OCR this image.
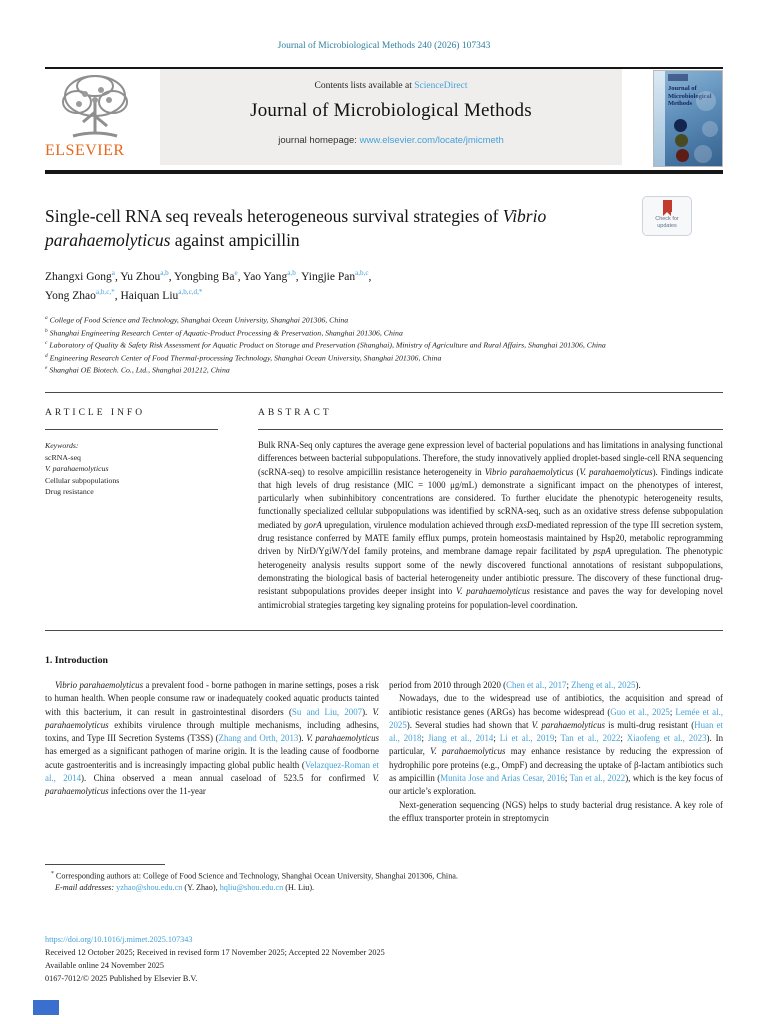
Journal of Microbiological Methods 240 (2026) 107343
ELSEVIER
Contents lists available at ScienceDirect
Journal of Microbiological Methods
journal homepage: www.elsevier.com/locate/jmicmeth
Journal of Microbiological Methods
Single-cell RNA seq reveals heterogeneous survival strategies of Vibrio parahaemolyticus against ampicillin
Check for
updates
Zhangxi Gong$^a$, Yu Zhou$^{a,b}$, Yongbing Ba$^e$, Yao Yang$^{a,b}$, Yingjie Pan$^{a,b,c}$,
Yong Zhao$^{a,b,c,*}$, Haiquan Liu$^{a,b,c,d,*}$
$^a$ College of Food Science and Technology, Shanghai Ocean University, Shanghai 201306, China
$^b$ Shanghai Engineering Research Center of Aquatic-Product Processing & Preservation, Shanghai 201306, China
$^c$ Laboratory of Quality & Safety Risk Assessment for Aquatic Product on Storage and Preservation (Shanghai), Ministry of Agriculture and Rural Affairs, Shanghai 201306, China
$^d$ Engineering Research Center of Food Thermal-processing Technology, Shanghai Ocean University, Shanghai 201306, China
$^e$ Shanghai OE Biotech. Co., Ltd., Shanghai 201212, China
ARTICLE INFO	ABSTRACT
Keywords:
scRNA-seq
V. parahaemolyticus
Cellular subpopulations
Drug resistance
Bulk RNA-Seq only captures the average gene expression level of bacterial populations and has limitations in analysing functional differences between bacterial subpopulations. Therefore, the study innovatively applied droplet-based single-cell RNA sequencing (scRNA-seq) to resolve ampicillin resistance heterogeneity in Vibrio parahaemolyticus (V. parahaemolyticus). Findings indicate that high levels of drug resistance (MIC = 1000 μg/mL) demonstrate a significant impact on the phenotypes of interest, particularly when subinhibitory concentrations are considered. To further elucidate the phenotypic heterogeneity results, functionally specialized cellular subpopulations was identified by scRNA-seq, such as an oxidative stress defense subpopulation mediated by gorA upregulation, virulence modulation achieved through exsD-mediated repression of the type III secretion system, drug resistance conferred by MATE family efflux pumps, protein homeostasis maintained by Hsp20, metabolic reprogramming driven by NirD/YgiW/YdeI family proteins, and membrane damage repair facilitated by pspA upregulation. The phenotypic heterogeneity analysis results support some of the newly discovered functional annotations of resistant subpopulations, demonstrating the biological basis of bacterial heterogeneity under antibiotic pressure. The discovery of these functional drug-resistant subpopulations provides deeper insight into V. parahaemolyticus resistance and paves the way for developing novel antimicrobial strategies targeting key signaling proteins for population-level coordination.
1. Introduction

Vibrio parahaemolyticus a prevalent food - borne pathogen in marine settings, poses a risk to human health. When people consume raw or inadequately cooked aquatic products tainted with this bacterium, it can result in gastrointestinal disorders (Su and Liu, 2007). V. parahaemolyticus exhibits virulence through multiple mechanisms, including adhesins, toxins, and Type III Secretion Systems (T3SS) (Zhang and Orth, 2013). V. parahaemolyticus has emerged as a significant pathogen of marine origin. It is the leading cause of foodborne acute gastroenteritis and is increasingly impacting global public health (Velazquez-Roman et al., 2014). China observed a mean annual caseload of 523.5 for confirmed V. parahaemolyticus infections over the 11-year

period from 2010 through 2020 (Chen et al., 2017; Zheng et al., 2025).

Nowadays, due to the widespread use of antibiotics, the acquisition and spread of antibiotic resistance genes (ARGs) has become widespread (Guo et al., 2025; Lemée et al., 2025). Several studies had shown that V. parahaemolyticus is multi-drug resistant (Huan et al., 2018; Jiang et al., 2014; Li et al., 2019; Tan et al., 2022; Xiaofeng et al., 2023). In particular, V. parahaemolyticus may enhance resistance by reducing the expression of hydrophilic pore proteins (e.g., OmpF) and decreasing the uptake of β-lactam antibiotics such as ampicillin (Munita Jose and Arias Cesar, 2016; Tan et al., 2022), which is the key focus of our article’s exploration.

Next-generation sequencing (NGS) helps to study bacterial drug resistance. A key role of the efflux transporter protein in streptomycin

* Corresponding authors at: College of Food Science and Technology, Shanghai Ocean University, Shanghai 201306, China.
E-mail addresses: yzhao@shou.edu.cn (Y. Zhao), hqliu@shou.edu.cn (H. Liu).
https://doi.org/10.1016/j.mimet.2025.107343
Received 12 October 2025; Received in revised form 17 November 2025; Accepted 22 November 2025
Available online 24 November 2025
0167-7012/© 2025 Published by Elsevier B.V.
